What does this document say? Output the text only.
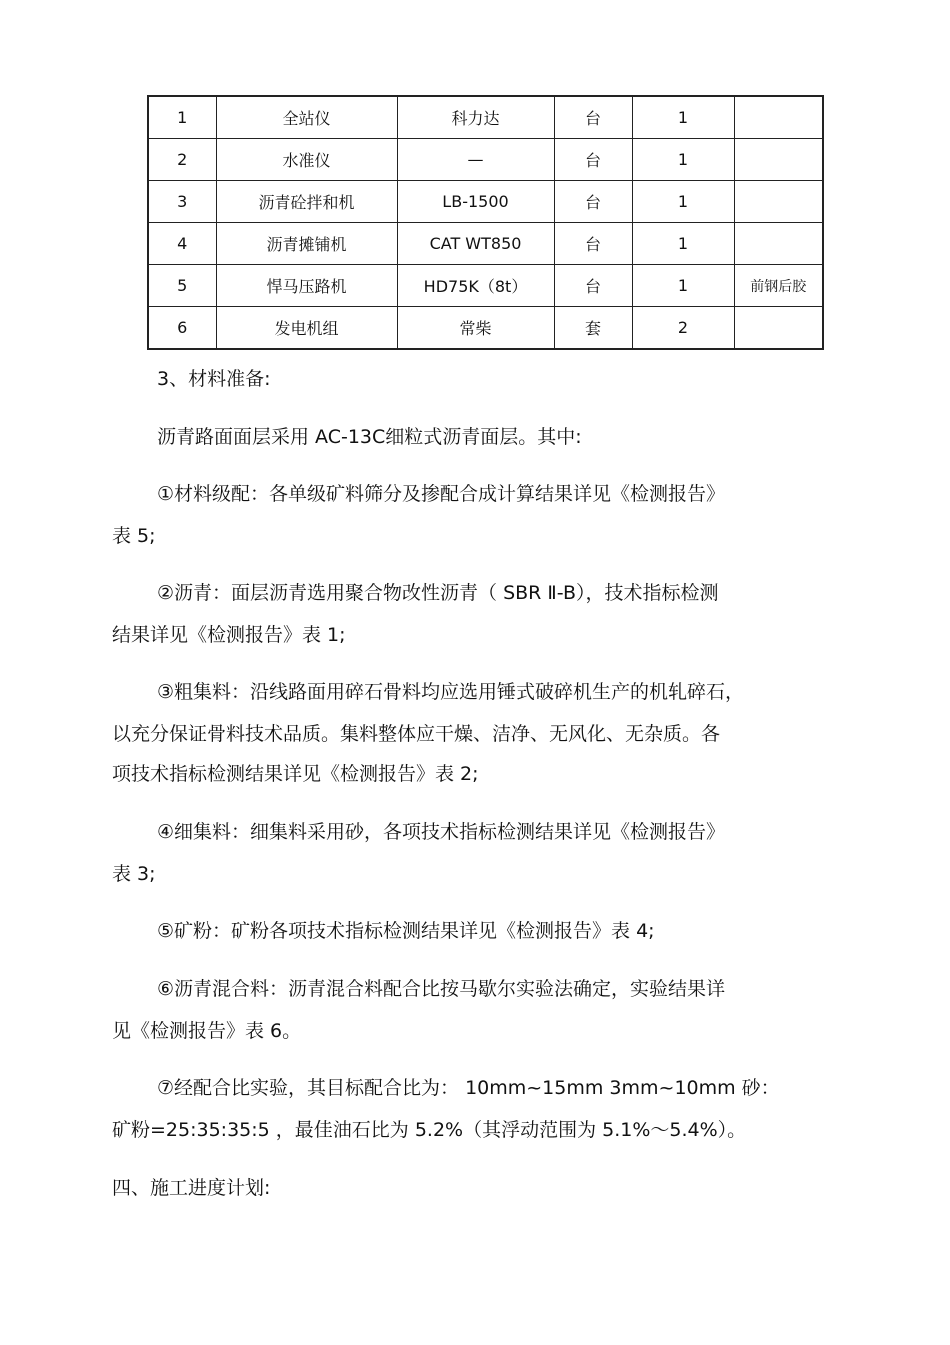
1	全站仪	科力达	台	1	
2	水准仪	—	台	1	
3	沥青砼拌和机	LB-1500	台	1	
4	沥青摊铺机	CAT WT850	台	1	
5	悍马压路机	HD75K（8t）	台	1	前钢后胶
6	发电机组	常柴	套	2	
3、材料准备:
沥青路面面层采用 AC-13C细粒式沥青面层。其中:
①材料级配：各单级矿料筛分及掺配合成计算结果详见《检测报告》
表 5;
②沥青：面层沥青选用聚合物改性沥青（ SBR Ⅱ-B），技术指标检测
结果详见《检测报告》表 1;
③粗集料：沿线路面用碎石骨料均应选用锤式破碎机生产的机轧碎石，
以充分保证骨料技术品质。集料整体应干燥、洁净、无风化、无杂质。各
项技术指标检测结果详见《检测报告》表 2;
④细集料：细集料采用砂，各项技术指标检测结果详见《检测报告》
表 3;
⑤矿粉：矿粉各项技术指标检测结果详见《检测报告》表 4;
⑥沥青混合料：沥青混合料配合比按马歇尔实验法确定，实验结果详
见《检测报告》表 6。
⑦经配合比实验，其目标配合比为： 10mm~15mm 3mm~10mm 砂：
矿粉=25:35:35:5 ，最佳油石比为 5.2%（其浮动范围为 5.1%～5.4%）。
四、施工进度计划:
